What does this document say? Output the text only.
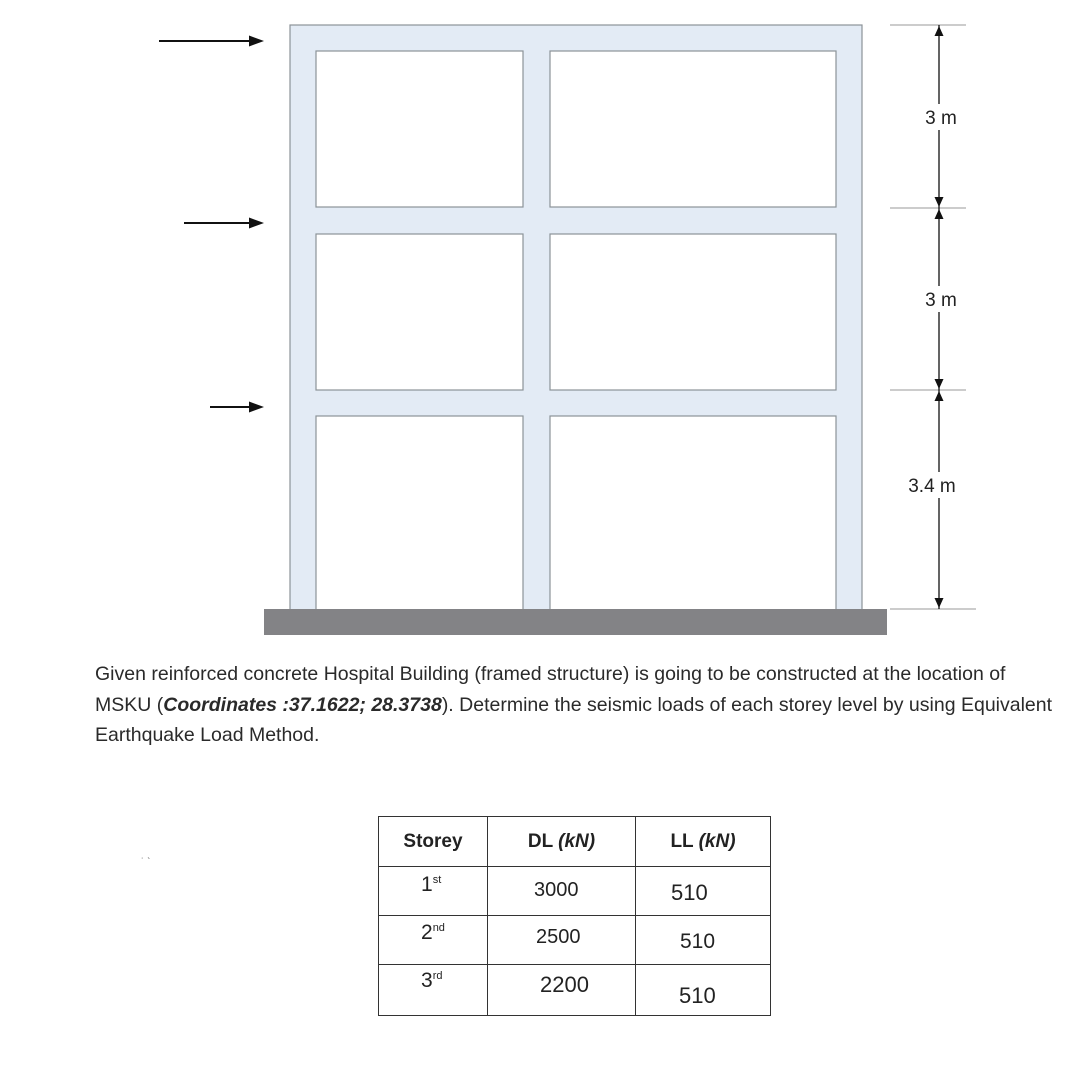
3 m
3 m
3.4 m
Given reinforced concrete Hospital Building (framed structure) is going to be constructed at the location of MSKU (Coordinates :37.1622; 28.3738). Determine the seismic loads of each storey level by using Equivalent Earthquake Load Method.
˙ ˋ
Storey	DL (kN)	LL (kN)

1st	3000	510

2nd	2500	510

3rd	2200	510
